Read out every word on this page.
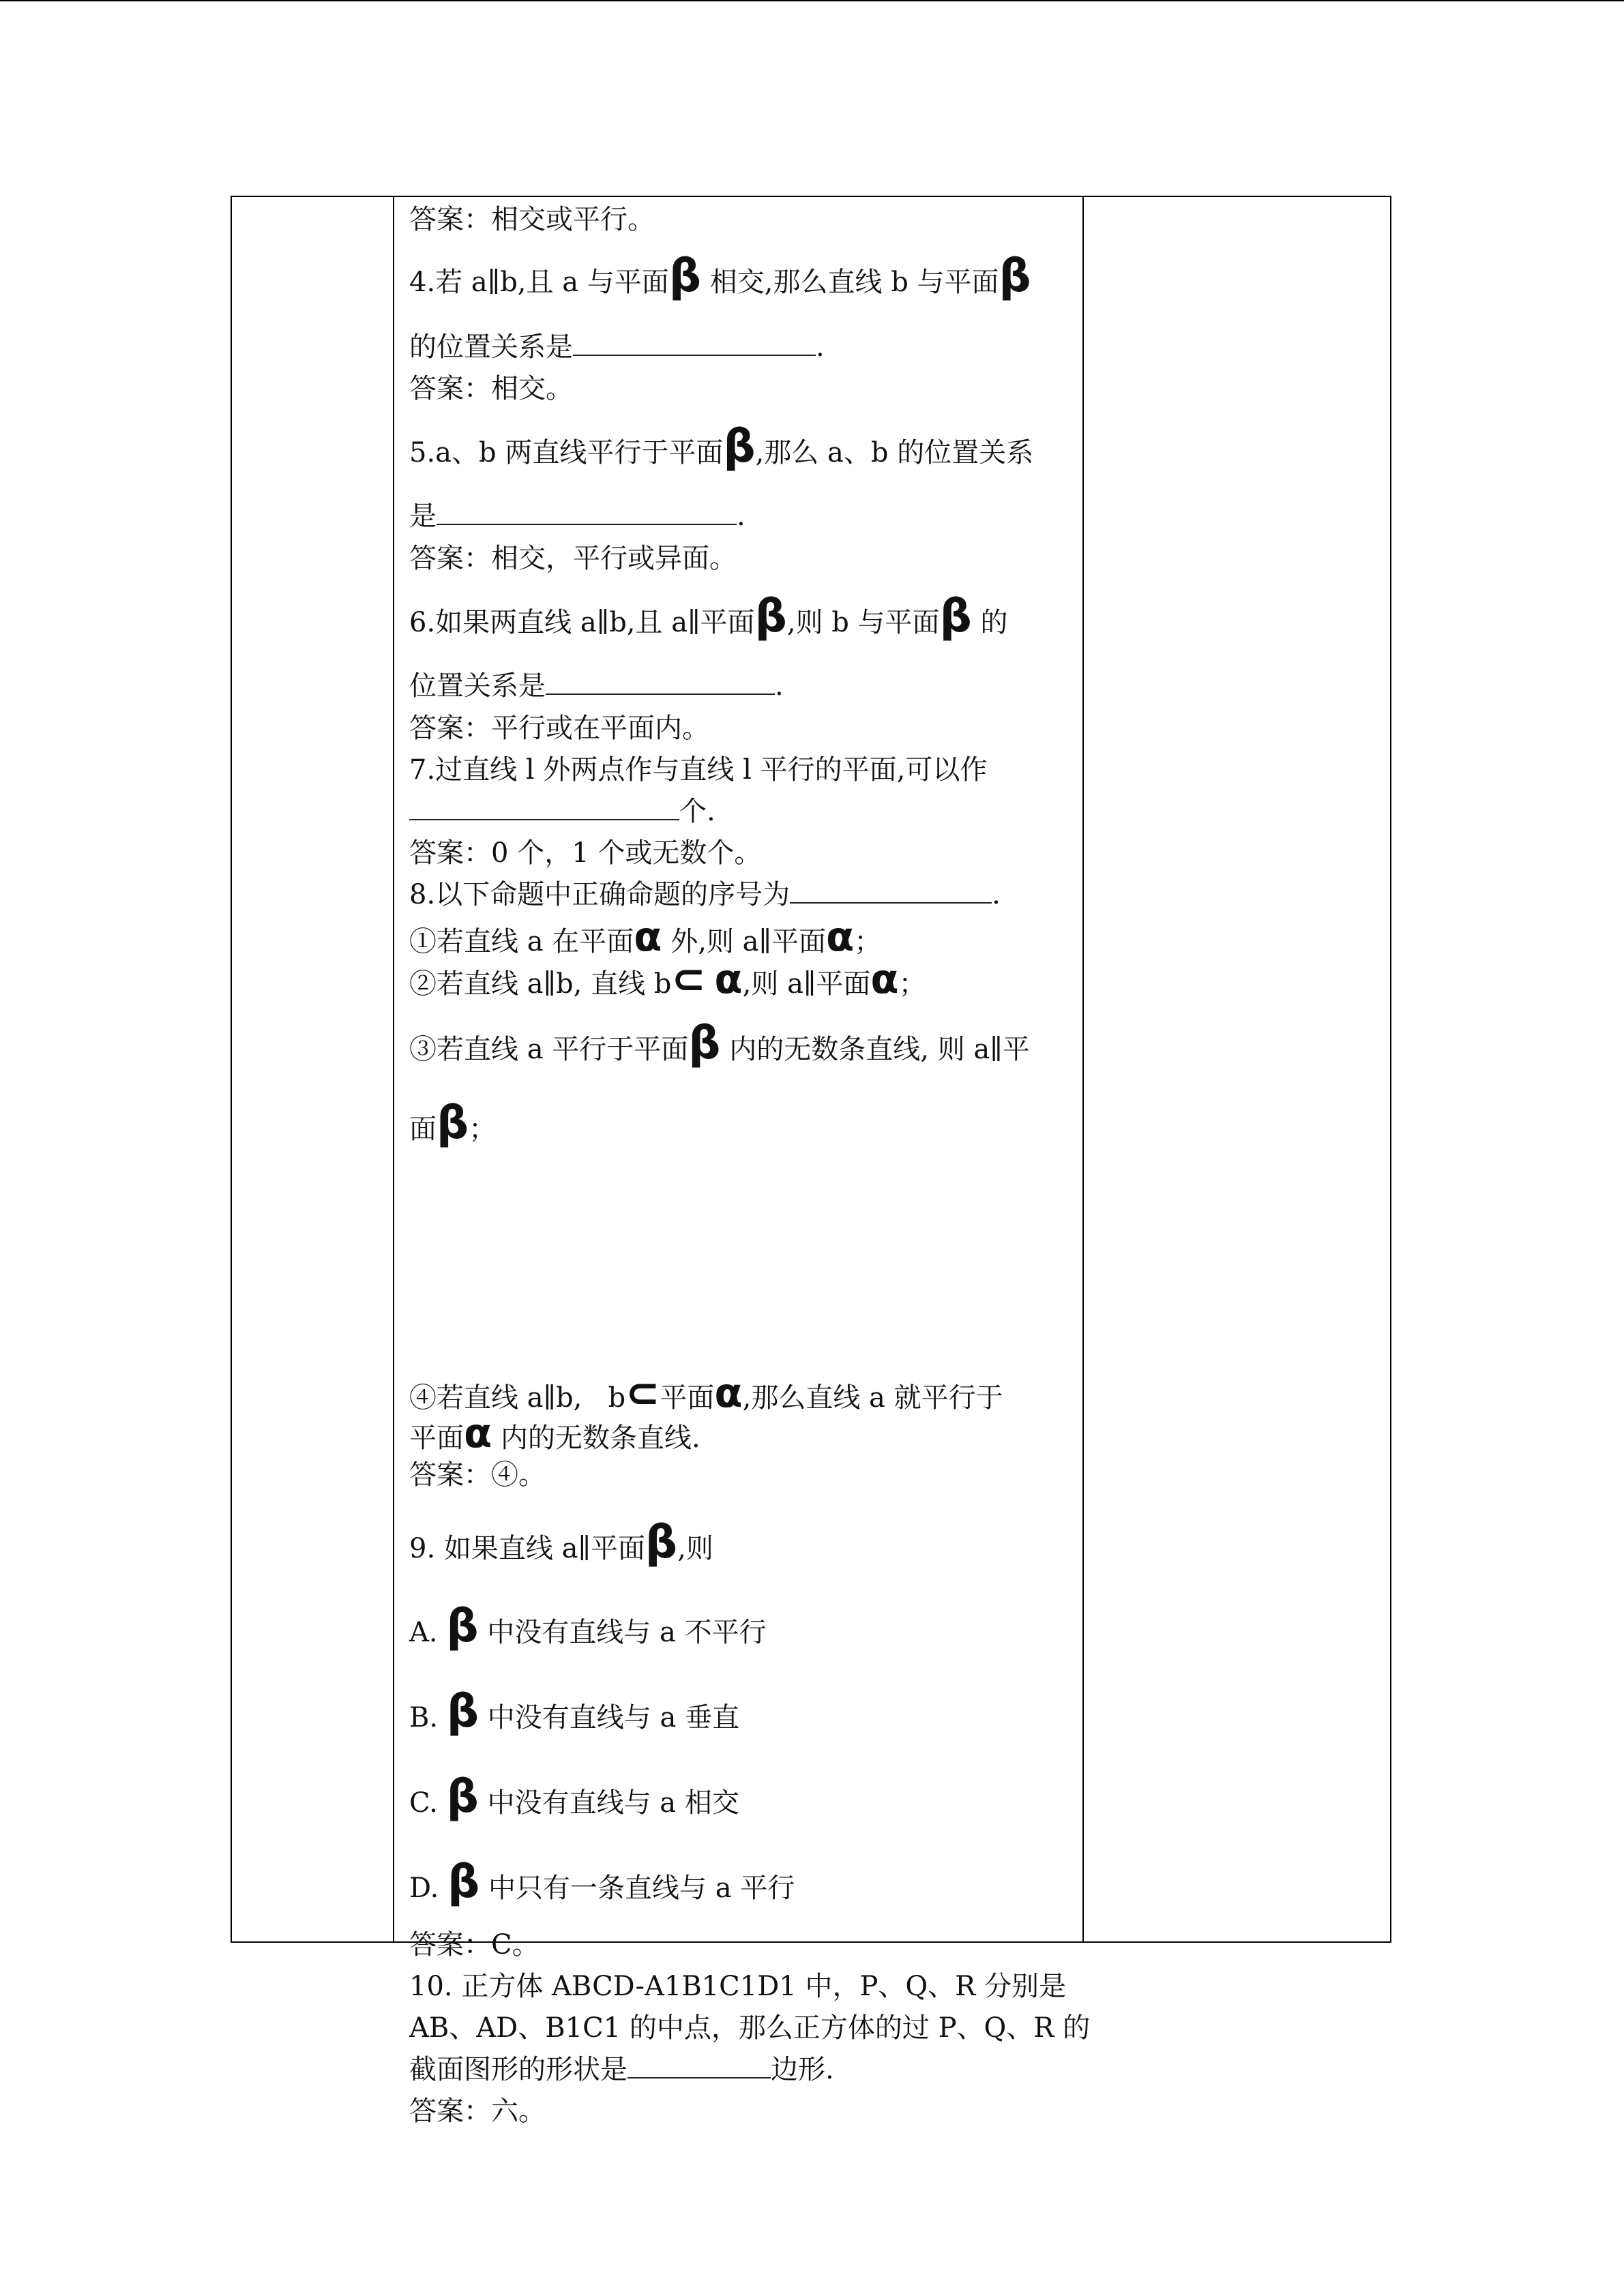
答案：相交或平行。
4.若 a∥b,且 a 与平面β 相交,那么直线 b 与平面β
的位置关系是	.
答案：相交。
5.a、b 两直线平行于平面β,那么 a、b 的位置关系
是	.
答案：相交，平行或异面。
6.如果两直线 a∥b,且 a∥平面β,则 b 与平面β 的
位置关系是	.
答案：平行或在平面内。
7.过直线 l 外两点作与直线 l 平行的平面,可以作
个.
答案：0 个，1 个或无数个。
8.以下命题中正确命题的序号为	.
①若直线 a 在平面α 外,则 a∥平面α；
②若直线 a∥b, 直线 b⊂ α,则 a∥平面α；
③若直线 a 平行于平面β 内的无数条直线, 则 a∥平
面β；
④若直线 a∥b,   b⊂平面α,那么直线 a 就平行于
平面α 内的无数条直线.
答案：④。
9. 如果直线 a∥平面β,则
A. β 中没有直线与 a 不平行
B. β 中没有直线与 a 垂直
C. β 中没有直线与 a 相交
D. β 中只有一条直线与 a 平行
答案：C。
10. 正方体 ABCD-A1B1C1D1 中，P、Q、R 分别是
AB、AD、B1C1 的中点，那么正方体的过 P、Q、R 的
截面图形的形状是	边形.
答案：六。
